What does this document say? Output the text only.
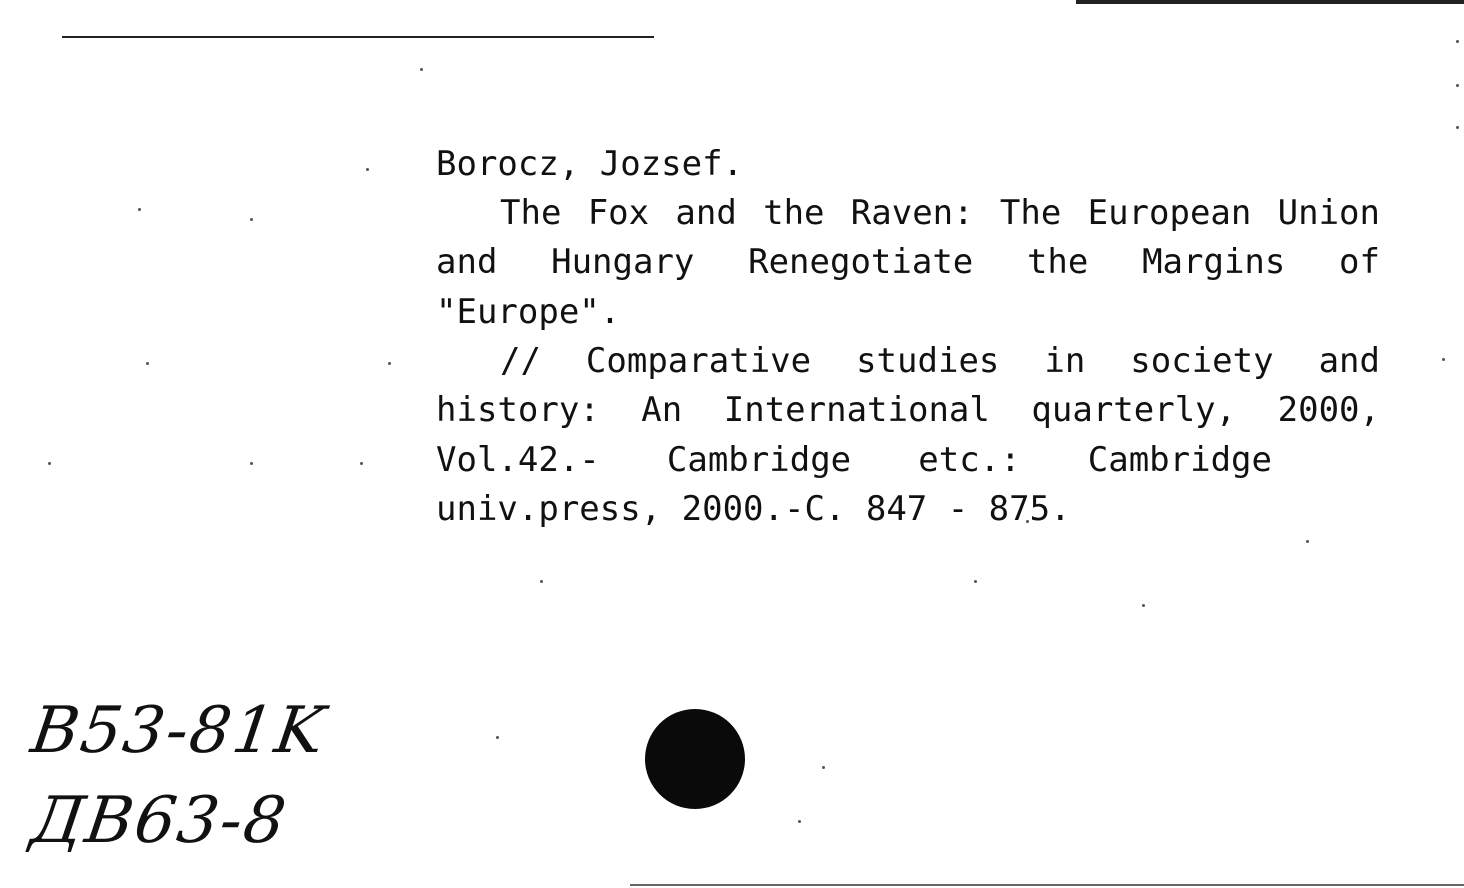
Borocz, Jozsef.
The Fox and the Raven: The European Union
and Hungary Renegotiate the Margins of
"Europe".
// Comparative studies in society and
history: An International quarterly, 2000,
Vol.42.- Cambridge etc.: Cambridge
univ.press, 2000.-C. 847 - 875.
B53-81K
ДВ63-8
